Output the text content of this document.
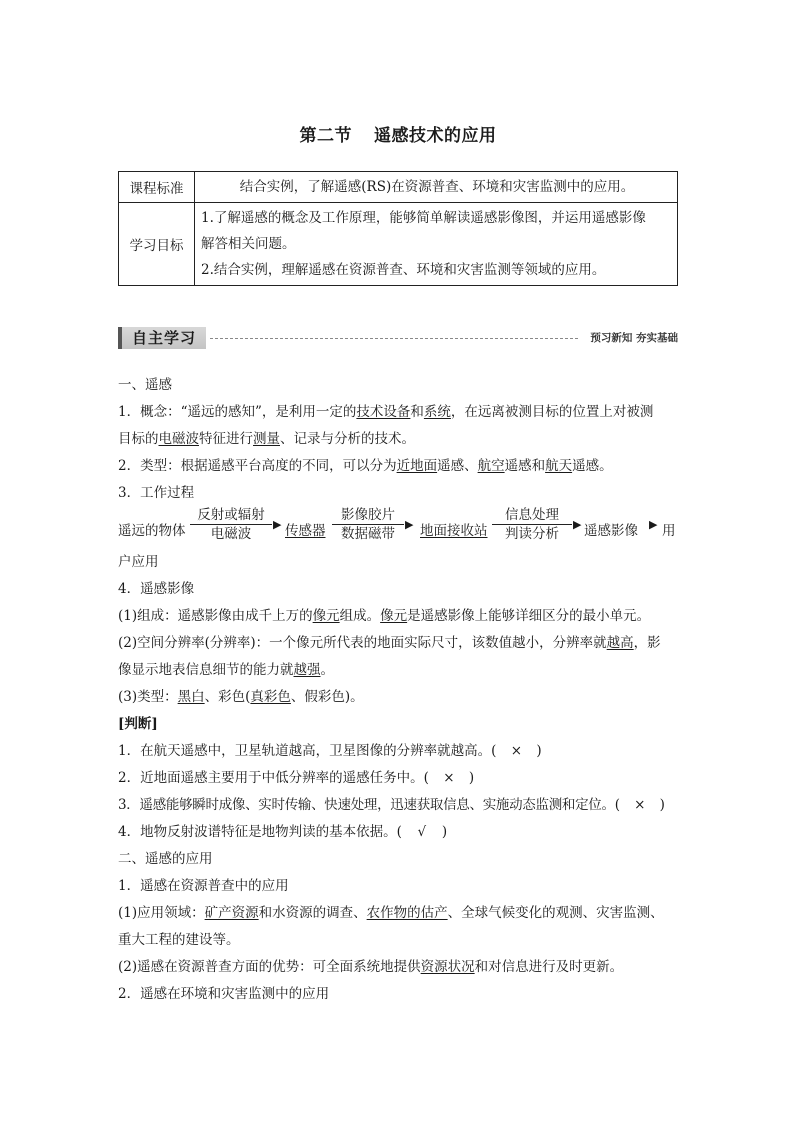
第二节 遥感技术的应用
课程标准	结合实例，了解遥感(RS)在资源普查、环境和灾害监测中的应用。
学习目标	1.了解遥感的概念及工作原理，能够简单解读遥感影像图，并运用遥感影像
解答相关问题。
2.结合实例，理解遥感在资源普查、环境和灾害监测等领域的应用。
自主学习	预习新知 夯实基础
一、遥感
1．概念：“遥远的感知”，是利用一定的技术设备和系统，在远离被测目标的位置上对被测
目标的电磁波特征进行测量、记录与分析的技术。
2．类型：根据遥感平台高度的不同，可以分为近地面遥感、航空遥感和航天遥感。
3．工作过程
遥远的物体
反射或辐射
电磁波
▶ 传感器
影像胶片
数据磁带
▶ 地面接收站
信息处理
判读分析
▶ 遥感影像 ▶ 用
户应用
4．遥感影像
(1)组成：遥感影像由成千上万的像元组成。像元是遥感影像上能够详细区分的最小单元。
(2)空间分辨率(分辨率)：一个像元所代表的地面实际尺寸，该数值越小，分辨率就越高，影
像显示地表信息细节的能力就越强。
(3)类型：黑白、彩色(真彩色、假彩色)。
[判断]
1．在航天遥感中，卫星轨道越高，卫星图像的分辨率就越高。( × )
2．近地面遥感主要用于中低分辨率的遥感任务中。( × )
3．遥感能够瞬时成像、实时传输、快速处理，迅速获取信息、实施动态监测和定位。( × )
4．地物反射波谱特征是地物判读的基本依据。( √ )
二、遥感的应用
1．遥感在资源普查中的应用
(1)应用领域：矿产资源和水资源的调查、农作物的估产、全球气候变化的观测、灾害监测、
重大工程的建设等。
(2)遥感在资源普查方面的优势：可全面系统地提供资源状况和对信息进行及时更新。
2．遥感在环境和灾害监测中的应用
